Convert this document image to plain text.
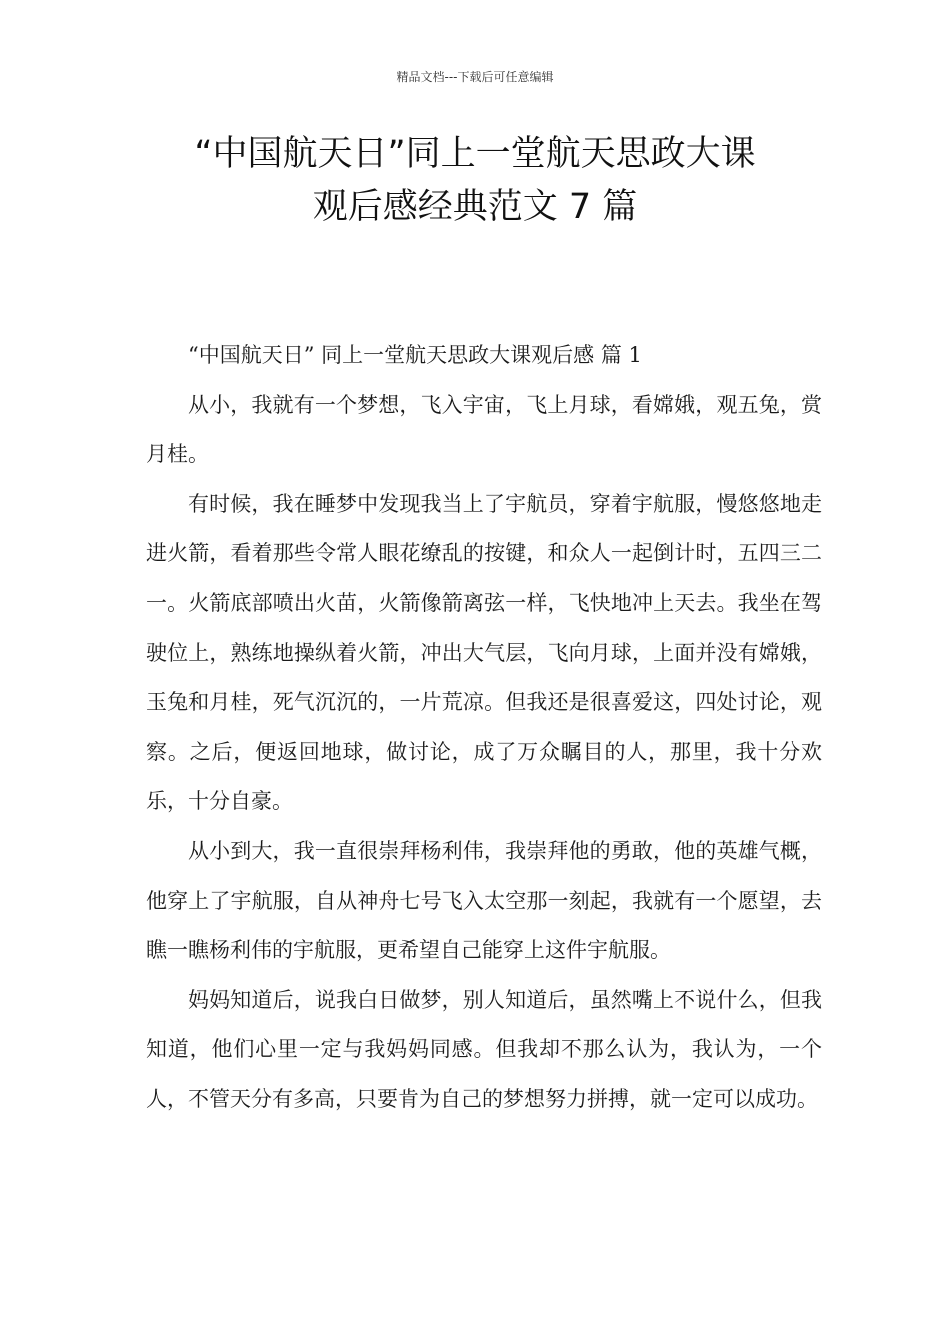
精品文档---下载后可任意编辑
“中国航天日”同上一堂航天思政大课
观后感经典范文 7 篇

“中国航天日” 同上一堂航天思政大课观后感 篇 1

从小，我就有一个梦想，飞入宇宙，飞上月球，看嫦娥，观五兔，赏月桂。

有时候，我在睡梦中发现我当上了宇航员，穿着宇航服，慢悠悠地走进火箭，看着那些令常人眼花缭乱的按键，和众人一起倒计时，五四三二一。火箭底部喷出火苗，火箭像箭离弦一样，飞快地冲上天去。我坐在驾驶位上，熟练地操纵着火箭，冲出大气层，飞向月球，上面并没有嫦娥，玉兔和月桂，死气沉沉的，一片荒凉。但我还是很喜爱这，四处讨论，观察。之后，便返回地球，做讨论，成了万众瞩目的人，那里，我十分欢乐，十分自豪。

从小到大，我一直很崇拜杨利伟，我崇拜他的勇敢，他的英雄气概，他穿上了宇航服，自从神舟七号飞入太空那一刻起，我就有一个愿望，去瞧一瞧杨利伟的宇航服，更希望自己能穿上这件宇航服。

妈妈知道后，说我白日做梦，别人知道后，虽然嘴上不说什么，但我知道，他们心里一定与我妈妈同感。但我却不那么认为，我认为，一个人，不管天分有多高，只要肯为自己的梦想努力拼搏，就一定可以成功。
